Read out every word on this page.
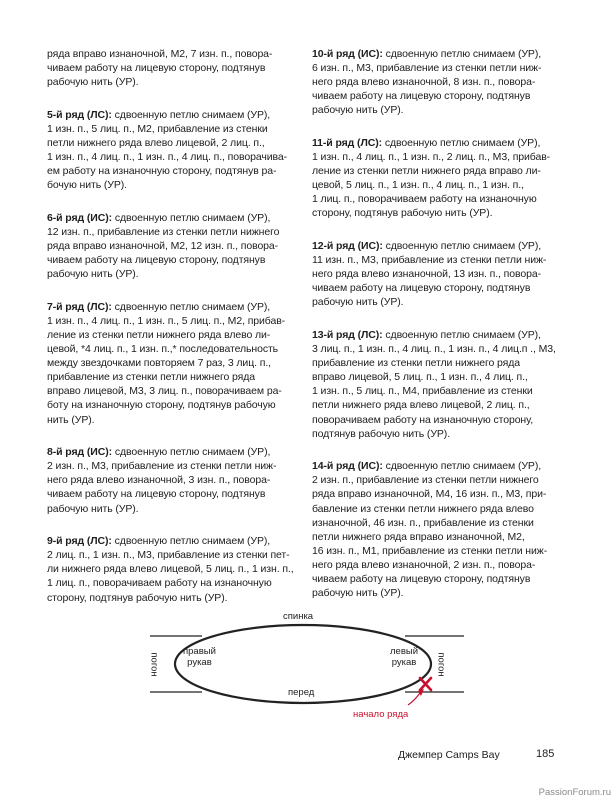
ряда вправо изнаночной, М2, 7 изн. п., повора-
чиваем работу на лицевую сторону, подтянув
рабочую нить (УР).

5-й ряд (ЛС): сдвоенную петлю снимаем (УР),
1 изн. п., 5 лиц. п., М2, прибавление из стенки
петли нижнего ряда влево лицевой, 2 лиц. п.,
1 изн. п., 4 лиц. п., 1 изн. п., 4 лиц. п., поворачива-
ем работу на изнаночную сторону, подтянув ра-
бочую нить (УР).

6-й ряд (ИС): сдвоенную петлю снимаем (УР),
12 изн. п., прибавление из стенки петли нижнего
ряда вправо изнаночной, М2, 12 изн. п., повора-
чиваем работу на лицевую сторону, подтянув
рабочую нить (УР).

7-й ряд (ЛС): сдвоенную петлю снимаем (УР),
1 изн. п., 4 лиц. п., 1 изн. п., 5 лиц. п., М2, прибав-
ление из стенки петли нижнего ряда влево ли-
цевой, *4 лиц. п., 1 изн. п.,* последовательность
между звездочками повторяем 7 раз, 3 лиц. п.,
прибавление из стенки петли нижнего ряда
вправо лицевой, М3, 3 лиц. п., поворачиваем ра-
боту на изнаночную сторону, подтянув рабочую
нить (УР).

8-й ряд (ИС): сдвоенную петлю снимаем (УР),
2 изн. п., М3, прибавление из стенки петли ниж-
него ряда влево изнаночной, 3 изн. п., повора-
чиваем работу на лицевую сторону, подтянув
рабочую нить (УР).

9-й ряд (ЛС): сдвоенную петлю снимаем (УР),
2 лиц. п., 1 изн. п., М3, прибавление из стенки пет-
ли нижнего ряда влево лицевой, 5 лиц. п., 1 изн. п.,
1 лиц. п., поворачиваем работу на изнаночную
сторону, подтянув рабочую нить (УР).

10-й ряд (ИС): сдвоенную петлю снимаем (УР),
6 изн. п., М3, прибавление из стенки петли ниж-
него ряда влево изнаночной, 8 изн. п., повора-
чиваем работу на лицевую сторону, подтянув
рабочую нить (УР).

11-й ряд (ЛС): сдвоенную петлю снимаем (УР),
1 изн. п., 4 лиц. п., 1 изн. п., 2 лиц. п., М3, прибав-
ление из стенки петли нижнего ряда вправо ли-
цевой, 5 лиц. п., 1 изн. п., 4 лиц. п., 1 изн. п.,
1 лиц. п., поворачиваем работу на изнаночную
сторону, подтянув рабочую нить (УР).

12-й ряд (ИС): сдвоенную петлю снимаем (УР),
11 изн. п., М3, прибавление из стенки петли ниж-
него ряда влево изнаночной, 13 изн. п., повора-
чиваем работу на лицевую сторону, подтянув
рабочую нить (УР).

13-й ряд (ЛС): сдвоенную петлю снимаем (УР),
3 лиц. п., 1 изн. п., 4 лиц. п., 1 изн. п., 4 лиц.п ., М3,
прибавление из стенки петли нижнего ряда
вправо лицевой, 5 лиц. п., 1 изн. п., 4 лиц. п.,
1 изн. п., 5 лиц. п., М4, прибавление из стенки
петли нижнего ряда влево лицевой, 2 лиц. п.,
поворачиваем работу на изнаночную сторону,
подтянув рабочую нить (УР).

14-й ряд (ИС): сдвоенную петлю снимаем (УР),
2 изн. п., прибавление из стенки петли нижнего
ряда вправо изнаночной, М4, 16 изн. п., М3, при-
бавление из стенки петли нижнего ряда влево
изнаночной, 46 изн. п., прибавление из стенки
петли нижнего ряда вправо изнаночной, М2,
16 изн. п., М1, прибавление из стенки петли ниж-
него ряда влево изнаночной, 2 изн. п., повора-
чиваем работу на лицевую сторону, подтянув
рабочую нить (УР).

спинка
перед
правый
рукав
левый
рукав
погон	погон
начало ряда
Джемпер Camps Bay	185
PassionForum.ru
